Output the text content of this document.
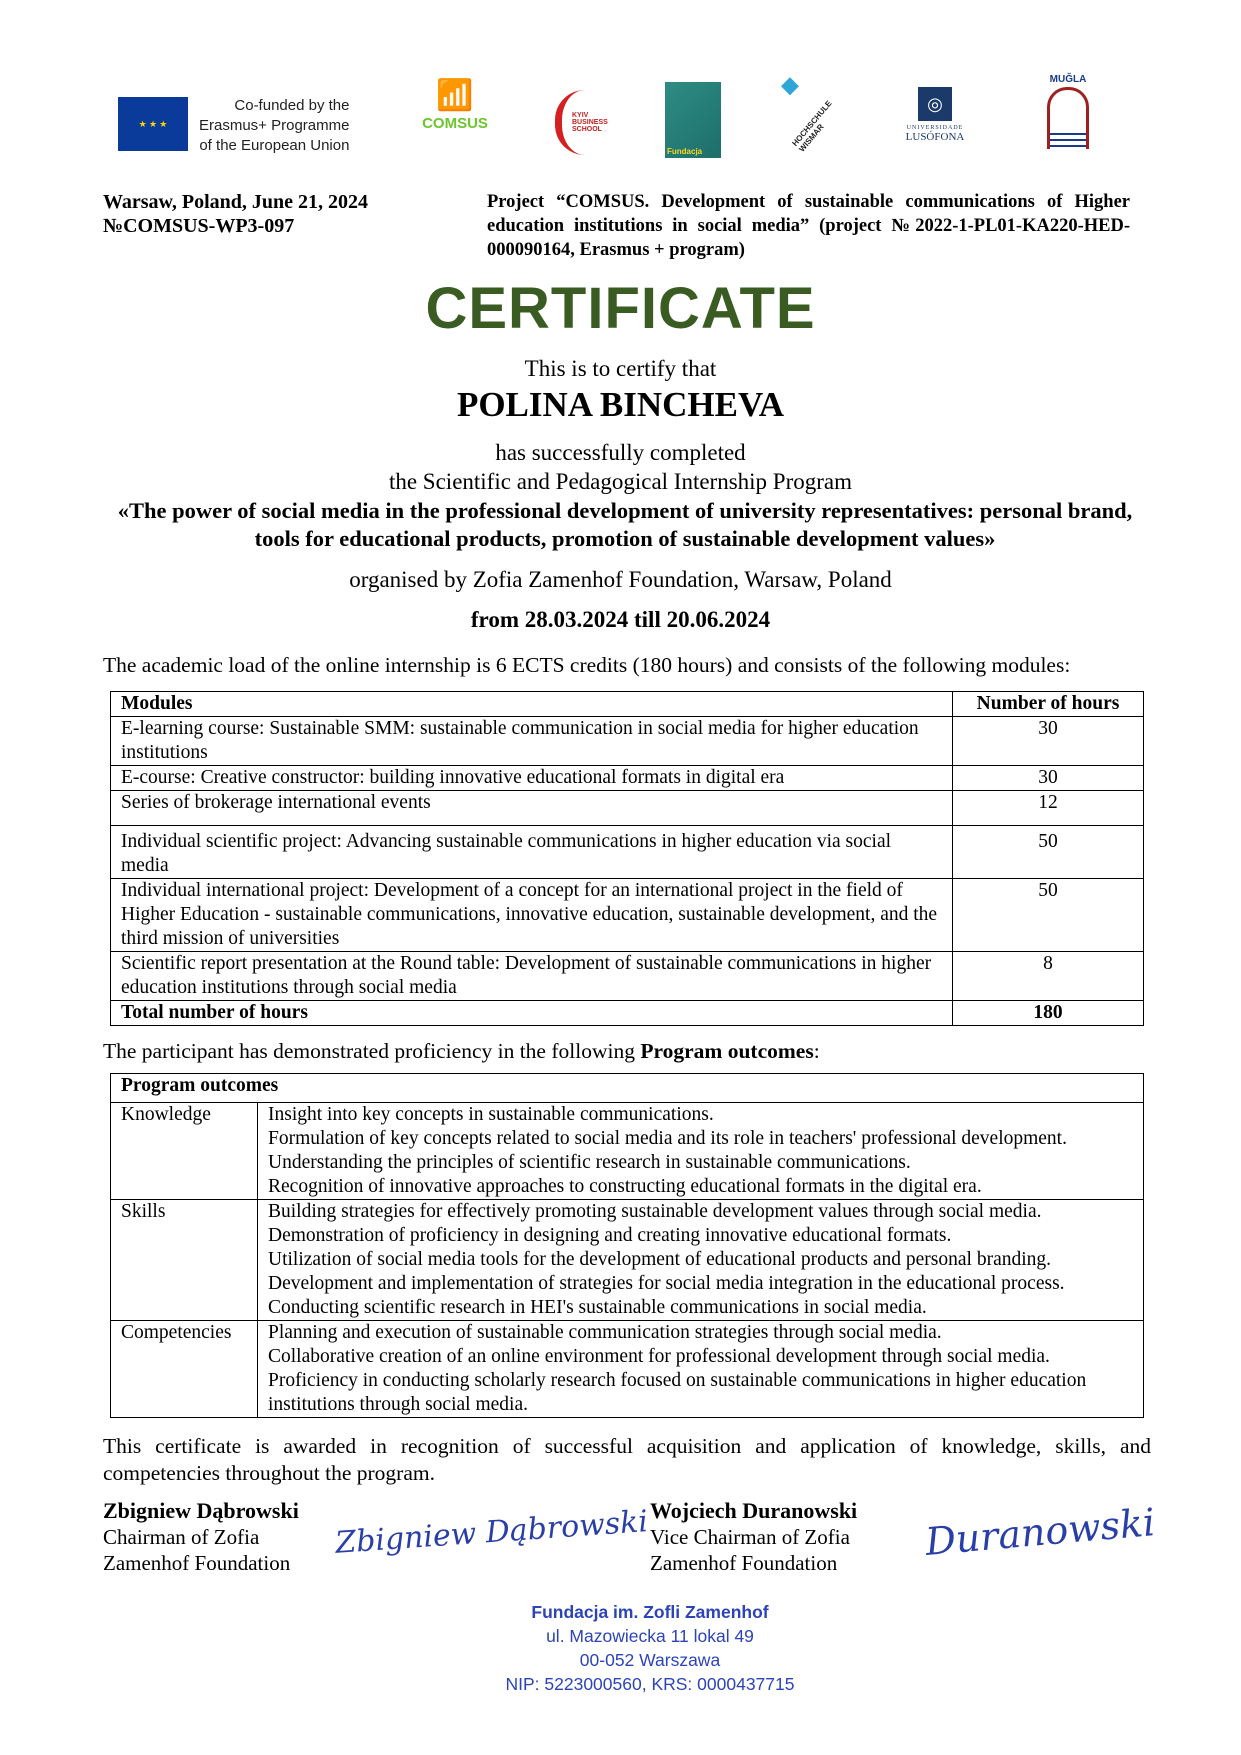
★ ★ ★
Co-funded by the
Erasmus+ Programme
of the European Union
📶
COMSUS	KYIV BUSINESS SCHOOL
Fundacja
◆
HOCHSCHULE WISMAR
◎
UNIVERSIDADE
LUSÓFONA
MUĞLA
Warsaw, Poland, June 21, 2024
№COMSUS-WP3-097
Project “COMSUS. Development of sustainable communications of Higher education institutions in social media” (project №2022-1-PL01-KA220-HED-000090164, Erasmus + program)
CERTIFICATE
This is to certify that
POLINA BINCHEVA
has successfully completed
the Scientific and Pedagogical Internship Program
«The power of social media in the professional development of university representatives: personal brand, tools for educational products, promotion of sustainable development values»
organised by Zofia Zamenhof Foundation, Warsaw, Poland
from 28.03.2024 till 20.06.2024
The academic load of the online internship is 6 ECTS credits (180 hours) and consists of the following modules:
Modules	Number of hours
E-learning course: Sustainable SMM: sustainable communication in social media for higher education institutions	30
E-course: Creative constructor: building innovative educational formats in digital era	30
Series of brokerage international events	12
Individual scientific project: Advancing sustainable communications in higher education via social media	50
Individual international project: Development of a concept for an international project in the field of Higher Education - sustainable communications, innovative education, sustainable development, and the third mission of universities	50
Scientific report presentation at the Round table: Development of sustainable communications in higher education institutions through social media	8
Total number of hours	180
The participant has demonstrated proficiency in the following Program outcomes:
Program outcomes	
Knowledge	Insight into key concepts in sustainable communications.
Formulation of key concepts related to social media and its role in teachers' professional development.
Understanding the principles of scientific research in sustainable communications.
Recognition of innovative approaches to constructing educational formats in the digital era.

Skills	Building strategies for effectively promoting sustainable development values through social media.
Demonstration of proficiency in designing and creating innovative educational formats.
Utilization of social media tools for the development of educational products and personal branding.
Development and implementation of strategies for social media integration in the educational process.
Conducting scientific research in HEI's sustainable communications in social media.

Competencies	Planning and execution of sustainable communication strategies through social media.
Collaborative creation of an online environment for professional development through social media.
Proficiency in conducting scholarly research focused on sustainable communications in higher education institutions through social media.
This certificate is awarded in recognition of successful acquisition and application of knowledge, skills, and competencies throughout the program.
Zbigniew Dąbrowski
Chairman of Zofia
Zamenhof Foundation
Zbigniew Dąbrowski Wojciech Duranowski
Vice Chairman of Zofia
Zamenhof Foundation	Duranowski
Fundacja im. Zofli Zamenhof
ul. Mazowiecka 11 lokal 49
00-052 Warszawa
NIP: 5223000560, KRS: 0000437715
